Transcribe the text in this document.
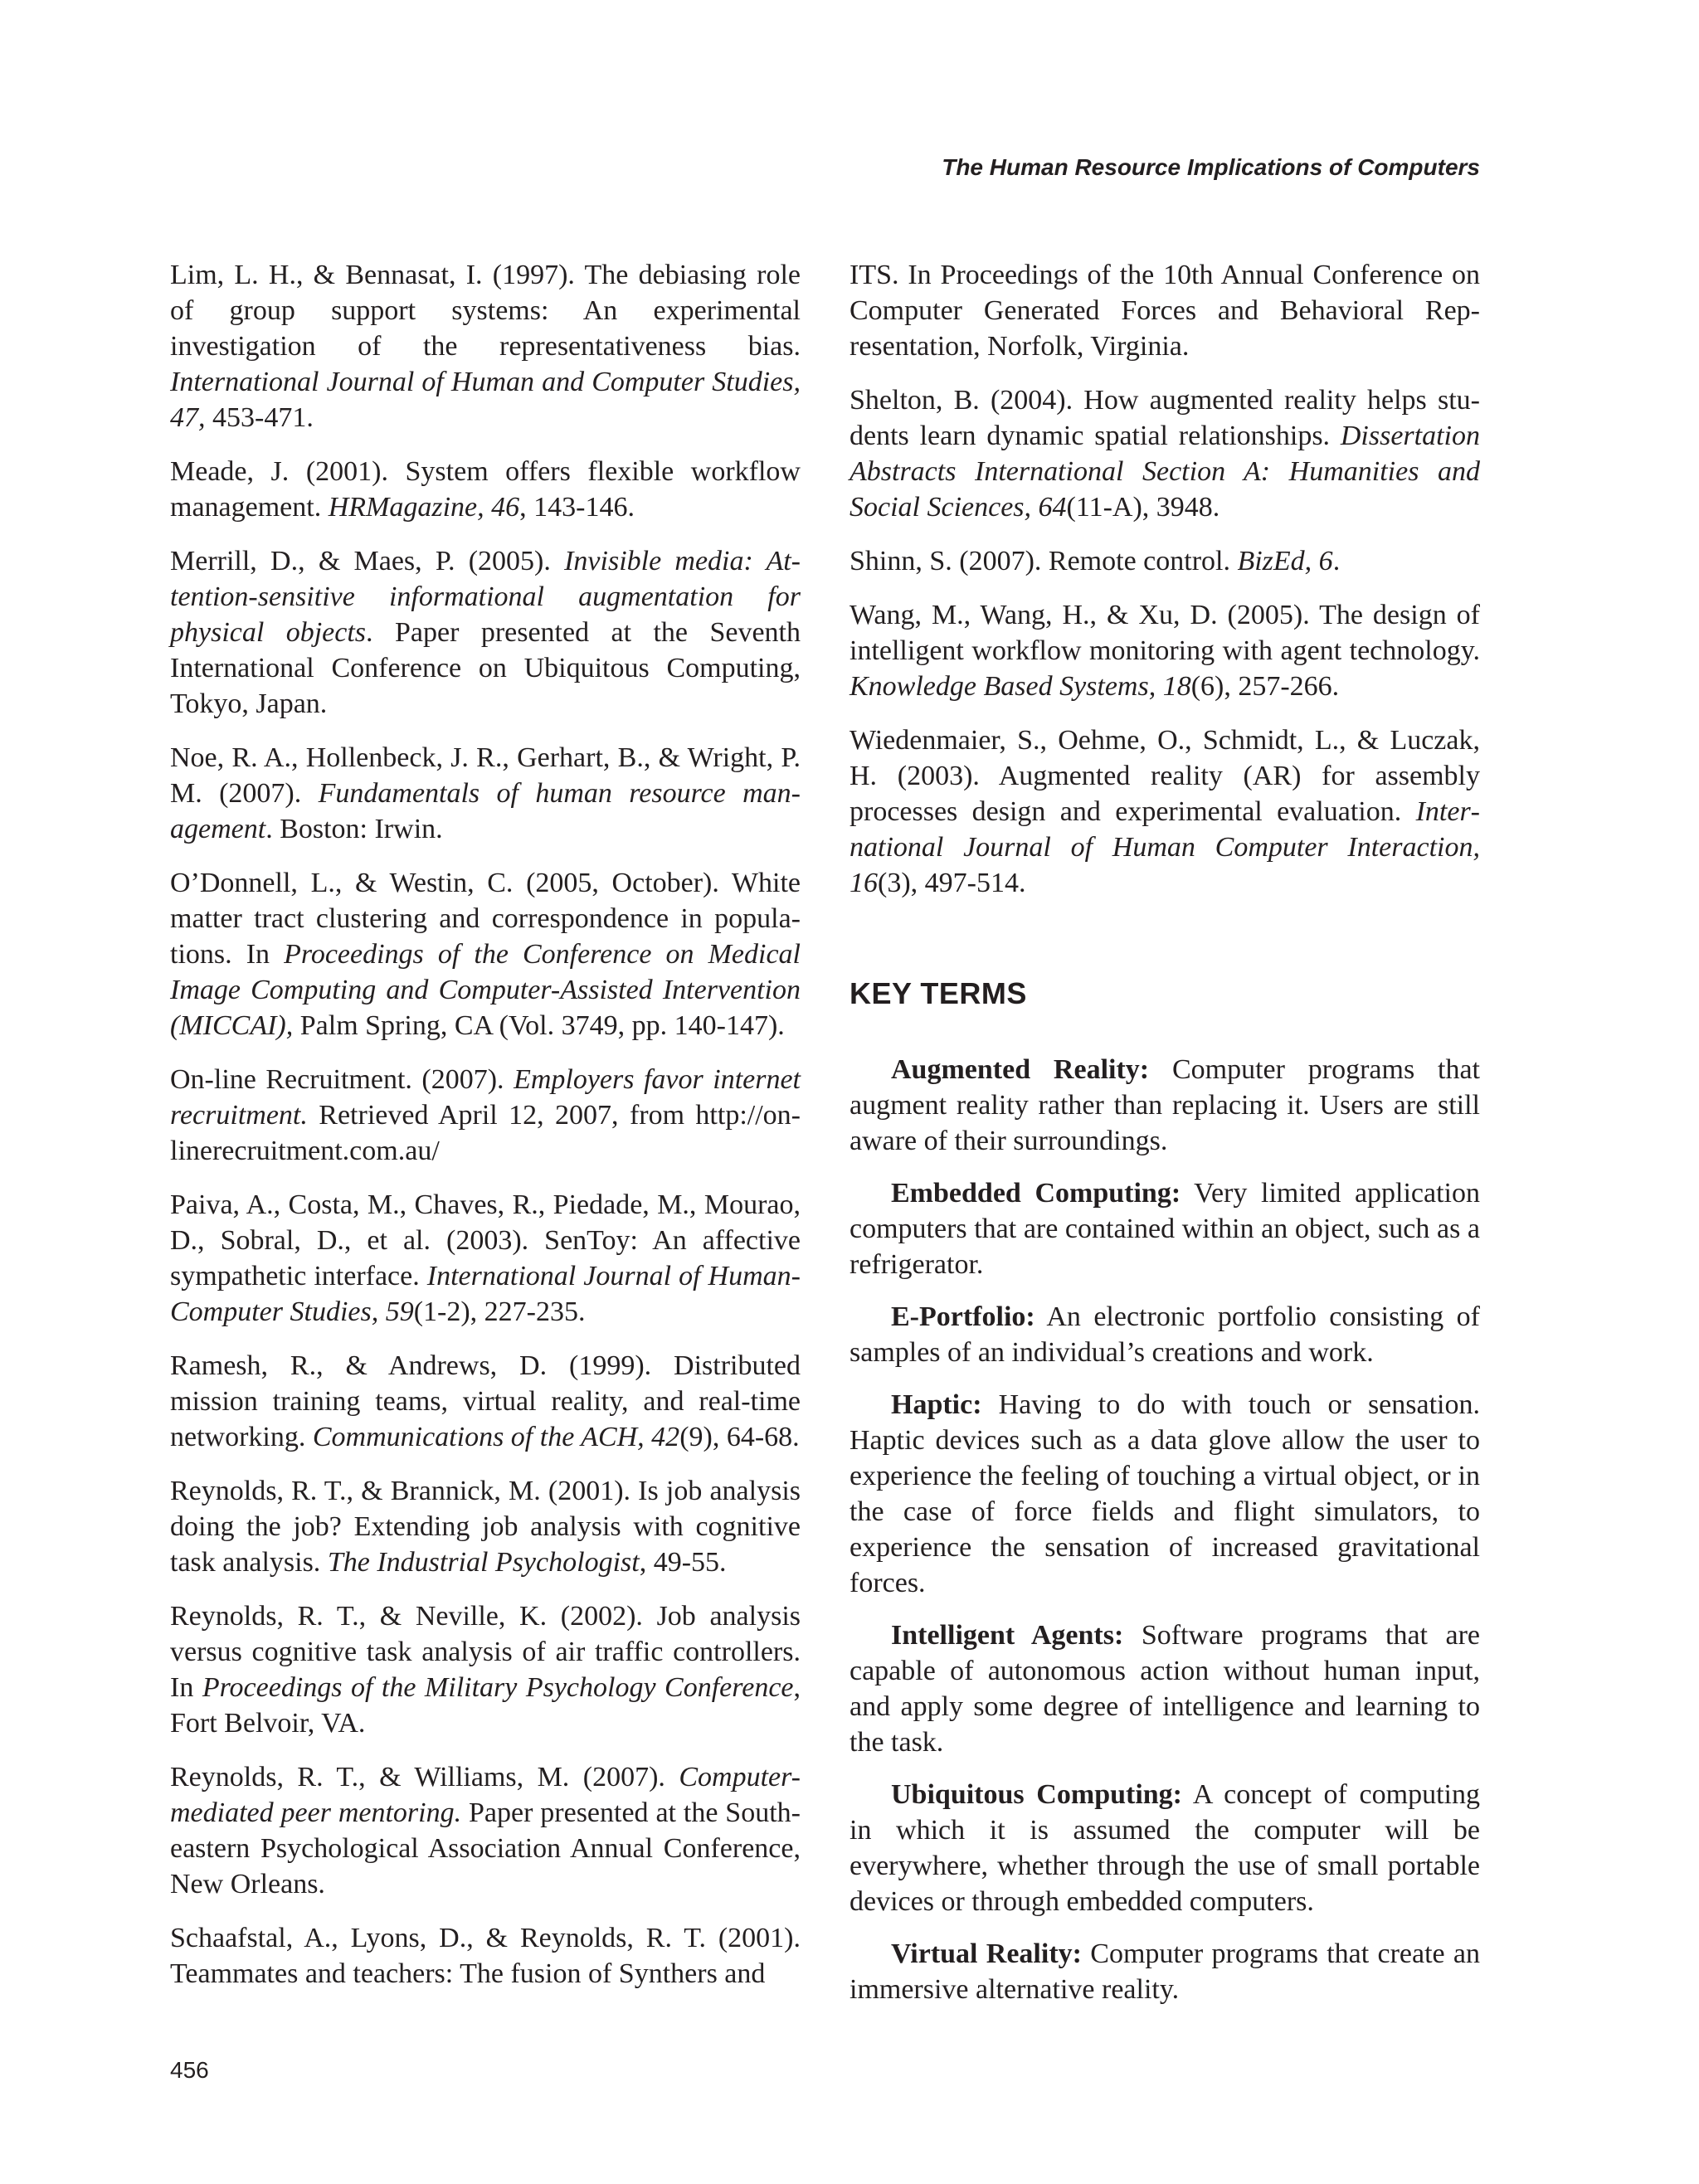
The Human Resource Implications of Computers

Lim, L. H., & Bennasat, I. (1997). The debiasing role of group support systems: An experimental investigation of the representativeness bias. International Journal of Human and Computer Studies, 47, 453-471.

Meade, J. (2001). System offers flexible workflow management. HRMagazine, 46, 143-146.

Merrill, D., & Maes, P. (2005). Invisible media: Attention-sensitive informational augmentation for physical objects. Paper presented at the Seventh International Conference on Ubiquitous Computing, Tokyo, Japan.

Noe, R. A., Hollenbeck, J. R., Gerhart, B., & Wright, P. M. (2007). Fundamentals of human resource management. Boston: Irwin.

O’Donnell, L., & Westin, C. (2005, October). White matter tract clustering and correspondence in populations. In Proceedings of the Conference on Medical Image Computing and Computer-Assisted Intervention (MICCAI), Palm Spring, CA (Vol. 3749, pp. 140-147).

On-line Recruitment. (2007). Employers favor internet recruitment. Retrieved April 12, 2007, from http://onlinerecruitment.com.au/

Paiva, A., Costa, M., Chaves, R., Piedade, M., Mourao, D., Sobral, D., et al. (2003). SenToy: An affective sympathetic interface. International Journal of Human-Computer Studies, 59(1-2), 227-235.

Ramesh, R., & Andrews, D. (1999). Distributed mission training teams, virtual reality, and real-time networking. Communications of the ACH, 42(9), 64-68.

Reynolds, R. T., & Brannick, M. (2001). Is job analysis doing the job? Extending job analysis with cognitive task analysis. The Industrial Psychologist, 49-55.

Reynolds, R. T., & Neville, K. (2002). Job analysis versus cognitive task analysis of air traffic controllers. In Proceedings of the Military Psychology Conference, Fort Belvoir, VA.

Reynolds, R. T., & Williams, M. (2007). Computer-mediated peer mentoring. Paper presented at the Southeastern Psychological Association Annual Conference, New Orleans.

Schaafstal, A., Lyons, D., & Reynolds, R. T. (2001). Teammates and teachers: The fusion of Synthers and

ITS. In Proceedings of the 10th Annual Conference on Computer Generated Forces and Behavioral Representation, Norfolk, Virginia.

Shelton, B. (2004). How augmented reality helps students learn dynamic spatial relationships. Dissertation Abstracts International Section A: Humanities and Social Sciences, 64(11-A), 3948.

Shinn, S. (2007). Remote control. BizEd, 6.

Wang, M., Wang, H., & Xu, D. (2005). The design of intelligent workflow monitoring with agent technology. Knowledge Based Systems, 18(6), 257-266.

Wiedenmaier, S., Oehme, O., Schmidt, L., & Luczak, H. (2003). Augmented reality (AR) for assembly processes design and experimental evaluation. International Journal of Human Computer Interaction, 16(3), 497-514.

KEY TERMS

Augmented Reality: Computer programs that augment reality rather than replacing it. Users are still aware of their surroundings.

Embedded Computing: Very limited application computers that are contained within an object, such as a refrigerator.

E-Portfolio: An electronic portfolio consisting of samples of an individual’s creations and work.

Haptic: Having to do with touch or sensation. Haptic devices such as a data glove allow the user to experience the feeling of touching a virtual object, or in the case of force fields and flight simulators, to experience the sensation of increased gravitational forces.

Intelligent Agents: Software programs that are capable of autonomous action without human input, and apply some degree of intelligence and learning to the task.

Ubiquitous Computing: A concept of computing in which it is assumed the computer will be everywhere, whether through the use of small portable devices or through embedded computers.

Virtual Reality: Computer programs that create an immersive alternative reality.

456
